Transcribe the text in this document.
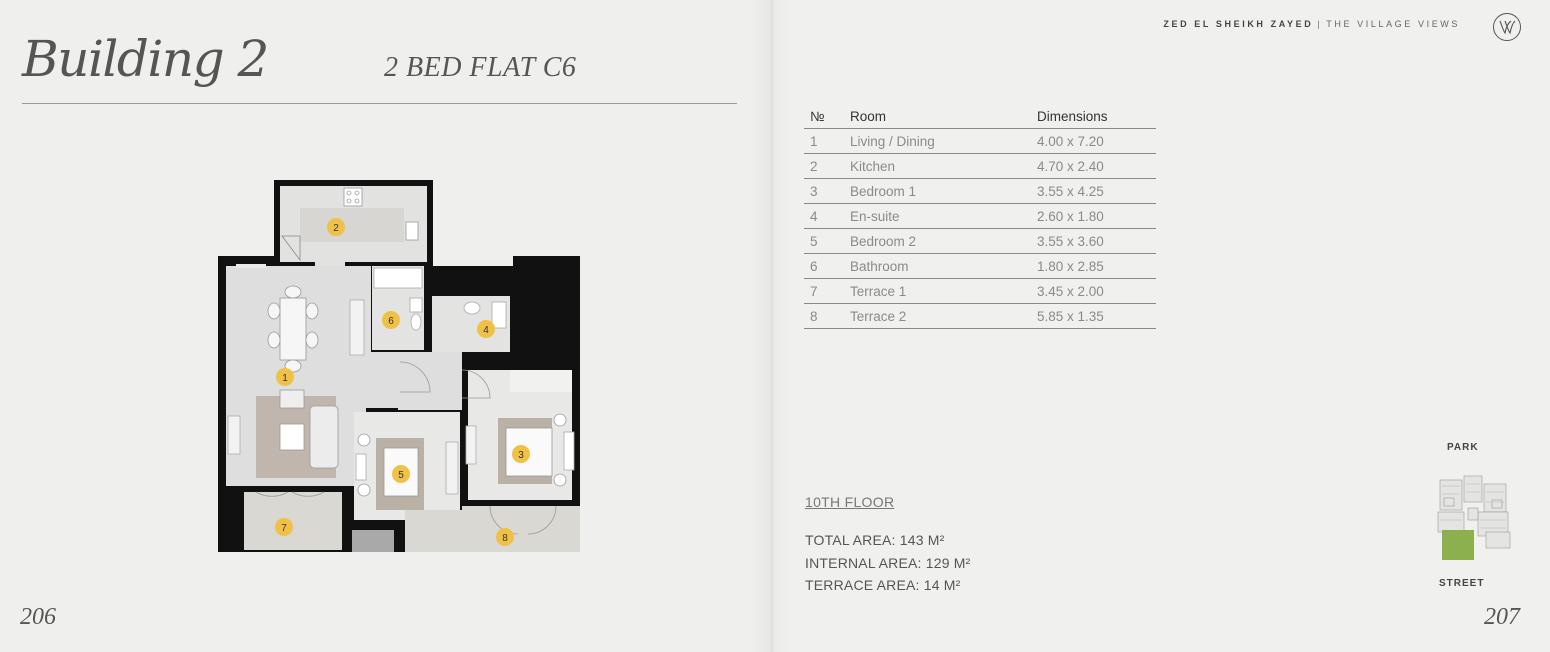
Building 2	2 BED FLAT C6
1
2
3
4
5
6
7
8
206
ZED EL SHEIKH ZAYED | THE VILLAGE VIEWS
№	Room	Dimensions
1	Living / Dining	4.00 x 7.20
2	Kitchen	4.70 x 2.40
3	Bedroom 1	3.55 x 4.25
4	En-suite	2.60 x 1.80
5	Bedroom 2	3.55 x 3.60
6	Bathroom	1.80 x 2.85
7	Terrace 1	3.45 x 2.00
8	Terrace 2	5.85 x 1.35
10TH FLOOR
TOTAL AREA: 143 M²
INTERNAL AREA: 129 M²
TERRACE AREA: 14 M²
PARK
STREET
207
